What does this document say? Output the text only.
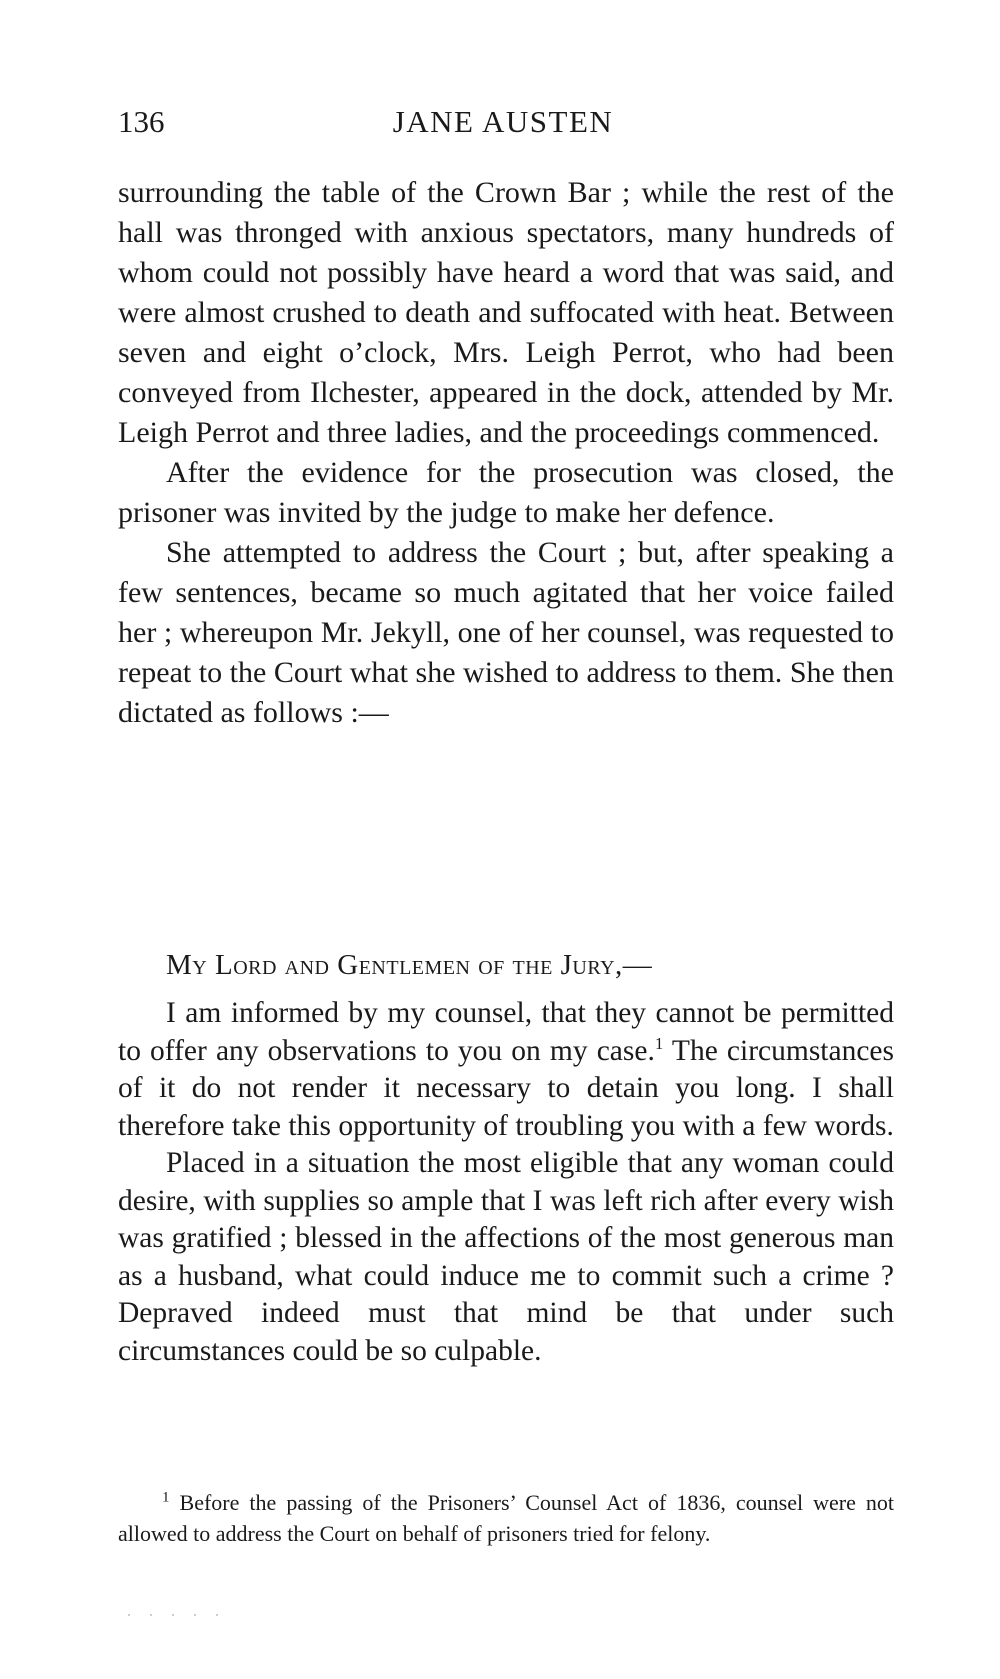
136	JANE AUSTEN

surrounding the table of the Crown Bar ; while the rest of the hall was thronged with anxious spectators, many hundreds of whom could not possibly have heard a word that was said, and were almost crushed to death and suffocated with heat. Between seven and eight o’clock, Mrs. Leigh Perrot, who had been conveyed from Ilchester, appeared in the dock, attended by Mr. Leigh Perrot and three ladies, and the proceedings commenced.

After the evidence for the prosecution was closed, the prisoner was invited by the judge to make her defence.

She attempted to address the Court ; but, after speaking a few sentences, became so much agitated that her voice failed her ; whereupon Mr. Jekyll, one of her counsel, was requested to repeat to the Court what she wished to address to them. She then dictated as follows :—

My Lord and Gentlemen of the Jury,—

I am informed by my counsel, that they cannot be permitted to offer any observations to you on my case.$^1$ The circumstances of it do not render it necessary to detain you long. I shall therefore take this opportunity of troubling you with a few words.

Placed in a situation the most eligible that any woman could desire, with supplies so ample that I was left rich after every wish was gratified ; blessed in the affections of the most generous man as a husband, what could induce me to commit such a crime ? Depraved indeed must that mind be that under such circumstances could be so culpable.

$^1$ Before the passing of the Prisoners’ Counsel Act of 1836, counsel were not allowed to address the Court on behalf of prisoners tried for felony.
